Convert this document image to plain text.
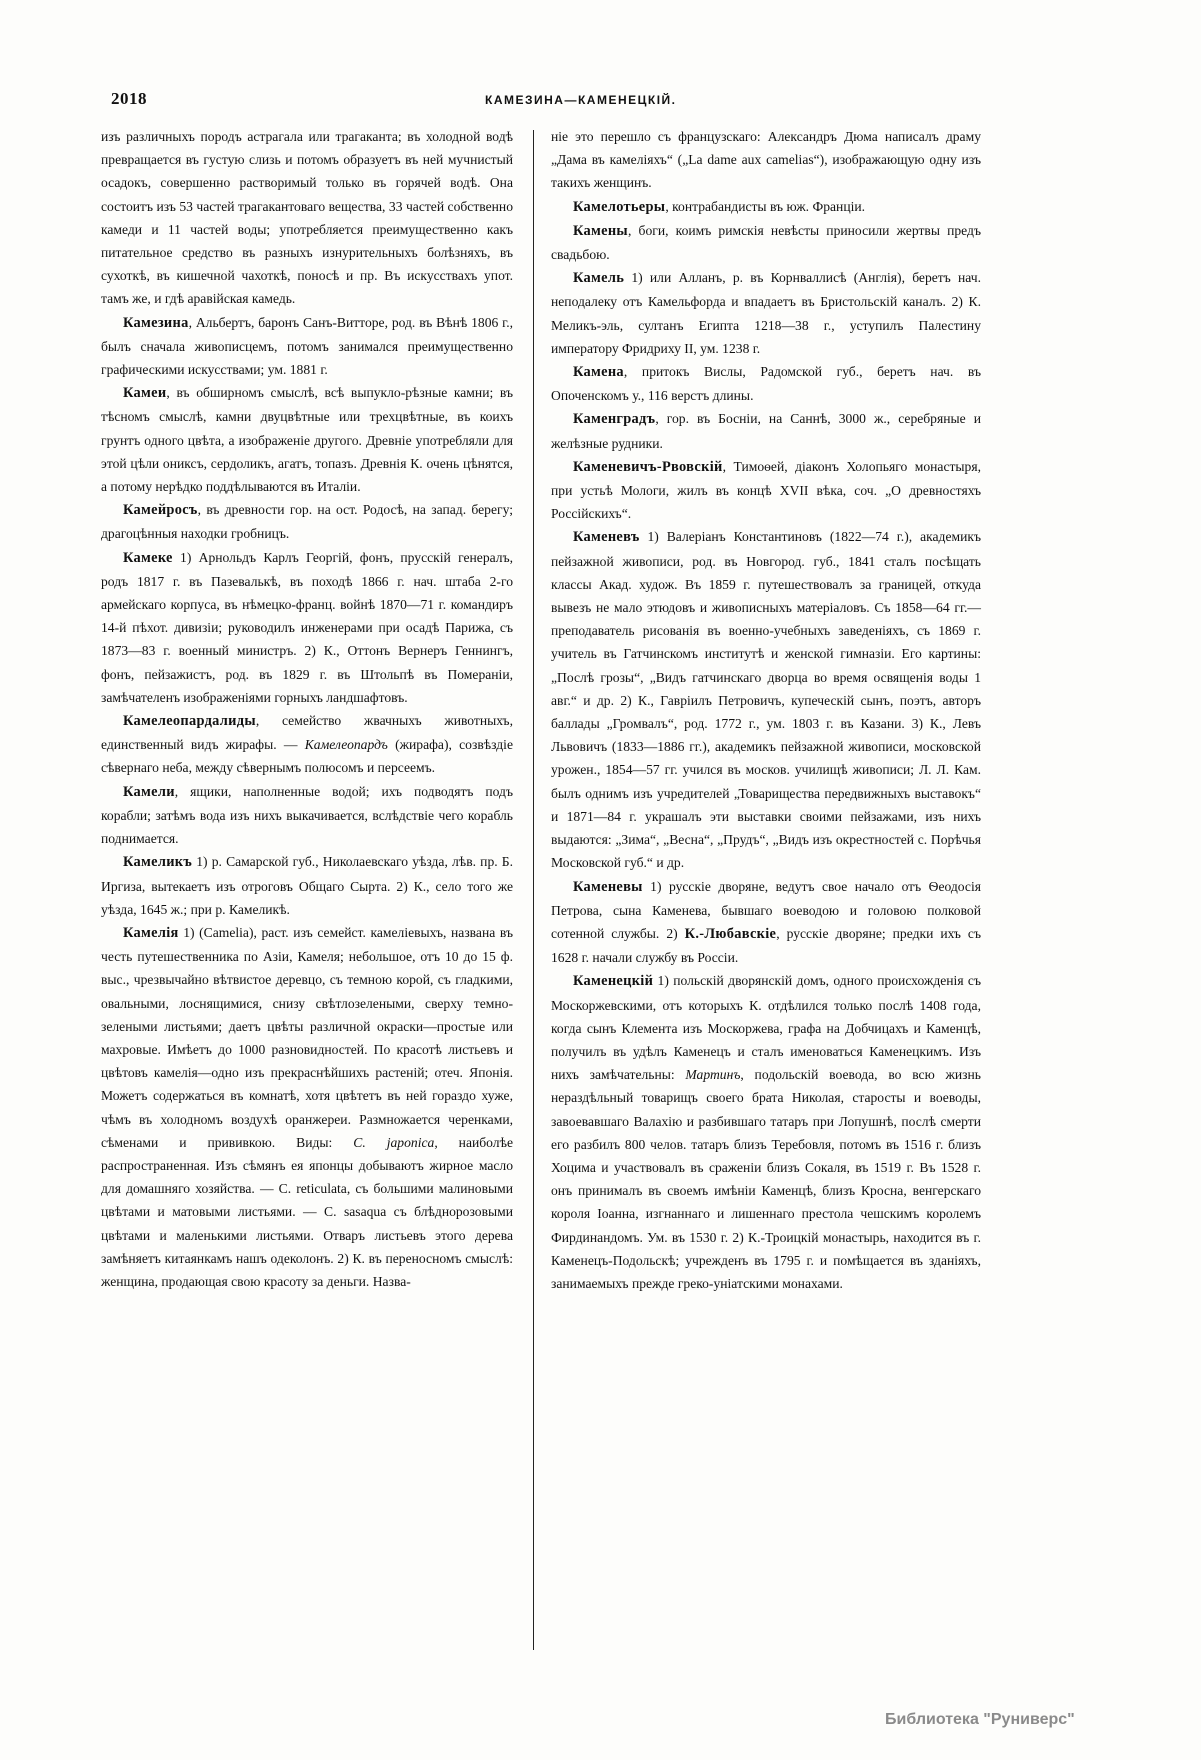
2018	КАМЕЗИНА—КАМЕНЕЦКІЙ.

изъ различныхъ породъ астрагала или трагаканта; въ холодной водѣ превращается въ густую слизь и потомъ образуетъ въ ней мучнистый осадокъ, совершенно растворимый только въ горячей водѣ. Она состоитъ изъ 53 частей трагакантоваго вещества, 33 частей собственно камеди и 11 частей воды; употребляется преимущественно какъ питательное средство въ разныхъ изнурительныхъ болѣзняхъ, въ сухоткѣ, въ кишечной чахоткѣ, поносѣ и пр. Въ искусствахъ упот. тамъ же, и гдѣ аравійская камедь.

Камезина, Альбертъ, баронъ Санъ-Витторе, род. въ Вѣнѣ 1806 г., былъ сначала живописцемъ, потомъ занимался преимущественно графическими искусствами; ум. 1881 г.

Камеи, въ обширномъ смыслѣ, всѣ выпукло-рѣзные камни; въ тѣсномъ смыслѣ, камни двуцвѣтные или трехцвѣтные, въ коихъ грунтъ одного цвѣта, а изображеніе другого. Древніе употребляли для этой цѣли ониксъ, сердоликъ, агатъ, топазъ. Древнія К. очень цѣнятся, а потому нерѣдко поддѣлываются въ Италіи.

Камейросъ, въ древности гор. на ост. Родосѣ, на запад. берегу; драгоцѣнныя находки гробницъ.

Камеке 1) Арнольдъ Карлъ Георгій, фонъ, прусскій генералъ, родъ 1817 г. въ Пазевалькѣ, въ походѣ 1866 г. нач. штаба 2-го армейскаго корпуса, въ нѣмецко-франц. войнѣ 1870—71 г. командиръ 14-й пѣхот. дивизіи; руководилъ инженерами при осадѣ Парижа, съ 1873—83 г. военный министръ. 2) К., Оттонъ Вернеръ Геннингъ, фонъ, пейзажистъ, род. въ 1829 г. въ Штольпѣ въ Помераніи, замѣчателенъ изображеніями горныхъ ландшафтовъ.

Камелеопардалиды, семейство жвачныхъ животныхъ, единственный видъ жирафы. — Камелеопардъ (жирафа), созвѣздіе сѣвернаго неба, между сѣвернымъ полюсомъ и персеемъ.

Камели, ящики, наполненные водой; ихъ подводятъ подъ корабли; затѣмъ вода изъ нихъ выкачивается, вслѣдствіе чего корабль поднимается.

Камеликъ 1) р. Самарской губ., Николаевскаго уѣзда, лѣв. пр. Б. Иргиза, вытекаетъ изъ отроговъ Общаго Сырта. 2) К., село того же уѣзда, 1645 ж.; при р. Камеликѣ.

Камелія 1) (Camelia), раст. изъ семейст. камеліевыхъ, названа въ честь путешественника по Азіи, Камеля; небольшое, отъ 10 до 15 ф. выс., чрезвычайно вѣтвистое деревцо, съ темною корой, съ гладкими, овальными, лоснящимися, снизу свѣтлозелеными, сверху темно-зелеными листьями; даетъ цвѣты различной окраски—простые или махровые. Имѣетъ до 1000 разновидностей. По красотѣ листьевъ и цвѣтовъ камелія—одно изъ прекраснѣйшихъ растеній; отеч. Японія. Можетъ содержаться въ комнатѣ, хотя цвѣтетъ въ ней гораздо хуже, чѣмъ въ холодномъ воздухѣ оранжереи. Размножается черенками, сѣменами и прививкою. Виды: C. japonica, наиболѣе распространенная. Изъ сѣмянъ ея японцы добываютъ жирное масло для домашняго хозяйства. — C. reticulata, съ большими малиновыми цвѣтами и матовыми листьями. — C. sasaqua съ блѣднорозовыми цвѣтами и маленькими листьями. Отваръ листьевъ этого дерева замѣняетъ китаянкамъ нашъ одеколонъ. 2) К. въ переносномъ смыслѣ: женщина, продающая свою красоту за деньги. Назва-

ніе это перешло съ французскаго: Александръ Дюма написалъ драму „Дама въ камеліяхъ“ („La dame aux camelias“), изображающую одну изъ такихъ женщинъ.

Камелотьеры, контрабандисты въ юж. Франціи.

Камены, боги, коимъ римскія невѣсты приносили жертвы предъ свадьбою.

Камель 1) или Алланъ, р. въ Корнваллисѣ (Англія), беретъ нач. неподалеку отъ Камельфорда и впадаетъ въ Бристольскій каналъ. 2) К. Меликъ-эль, султанъ Египта 1218—38 г., уступилъ Палестину императору Фридриху II, ум. 1238 г.

Камена, притокъ Вислы, Радомской губ., беретъ нач. въ Опоченскомъ у., 116 верстъ длины.

Каменградъ, гор. въ Босніи, на Саннѣ, 3000 ж., серебряные и желѣзные рудники.

Каменевичъ-Рвовскій, Тимоѳей, діаконъ Холопьяго монастыря, при устьѣ Мологи, жилъ въ концѣ XVII вѣка, соч. „О древностяхъ Россійскихъ“.

Каменевъ 1) Валеріанъ Константиновъ (1822—74 г.), академикъ пейзажной живописи, род. въ Новгород. губ., 1841 сталъ посѣщать классы Акад. худож. Въ 1859 г. путешествовалъ за границей, откуда вывезъ не мало этюдовъ и живописныхъ матеріаловъ. Съ 1858—64 гг.—преподаватель рисованія въ военно-учебныхъ заведеніяхъ, съ 1869 г. учитель въ Гатчинскомъ институтѣ и женской гимназіи. Его картины: „Послѣ грозы“, „Видъ гатчинскаго дворца во время освященія воды 1 авг.“ и др. 2) К., Гавріилъ Петровичъ, купеческій сынъ, поэтъ, авторъ баллады „Громвалъ“, род. 1772 г., ум. 1803 г. въ Казани. 3) К., Левъ Львовичъ (1833—1886 гг.), академикъ пейзажной живописи, московской урожен., 1854—57 гг. учился въ москов. училищѣ живописи; Л. Л. Кам. былъ однимъ изъ учредителей „Товарищества передвижныхъ выставокъ“ и 1871—84 г. украшалъ эти выставки своими пейзажами, изъ нихъ выдаются: „Зима“, „Весна“, „Прудъ“, „Видъ изъ окрестностей с. Порѣчья Московской губ.“ и др.

Каменевы 1) русскіе дворяне, ведутъ свое начало отъ Ѳеодосія Петрова, сына Каменева, бывшаго воеводою и головою полковой сотенной службы. 2) К.-Любавскіе, русскіе дворяне; предки ихъ съ 1628 г. начали службу въ Россіи.

Каменецкій 1) польскій дворянскій домъ, одного происхожденія съ Москоржевскими, отъ которыхъ К. отдѣлился только послѣ 1408 года, когда сынъ Клемента изъ Москоржева, графа на Добчицахъ и Каменцѣ, получилъ въ удѣлъ Каменецъ и сталъ именоваться Каменецкимъ. Изъ нихъ замѣчательны: Мартинъ, подольскій воевода, во всю жизнь нераздѣльный товарищъ своего брата Николая, старосты и воеводы, завоевавшаго Валахію и разбившаго татаръ при Лопушнѣ, послѣ смерти его разбилъ 800 челов. татаръ близъ Теребовля, потомъ въ 1516 г. близъ Хоцима и участвовалъ въ сраженіи близъ Сокаля, въ 1519 г. Въ 1528 г. онъ принималъ въ своемъ имѣніи Каменцѣ, близъ Кросна, венгерскаго короля Іоанна, изгнаннаго и лишеннаго престола чешскимъ королемъ Фирдинандомъ. Ум. въ 1530 г. 2) К.-Троицкій монастырь, находится въ г. Каменецъ-Подольскѣ; учрежденъ въ 1795 г. и помѣщается въ зданіяхъ, занимаемыхъ прежде греко-уніатскими монахами.

Библиотека "Руниверс"
